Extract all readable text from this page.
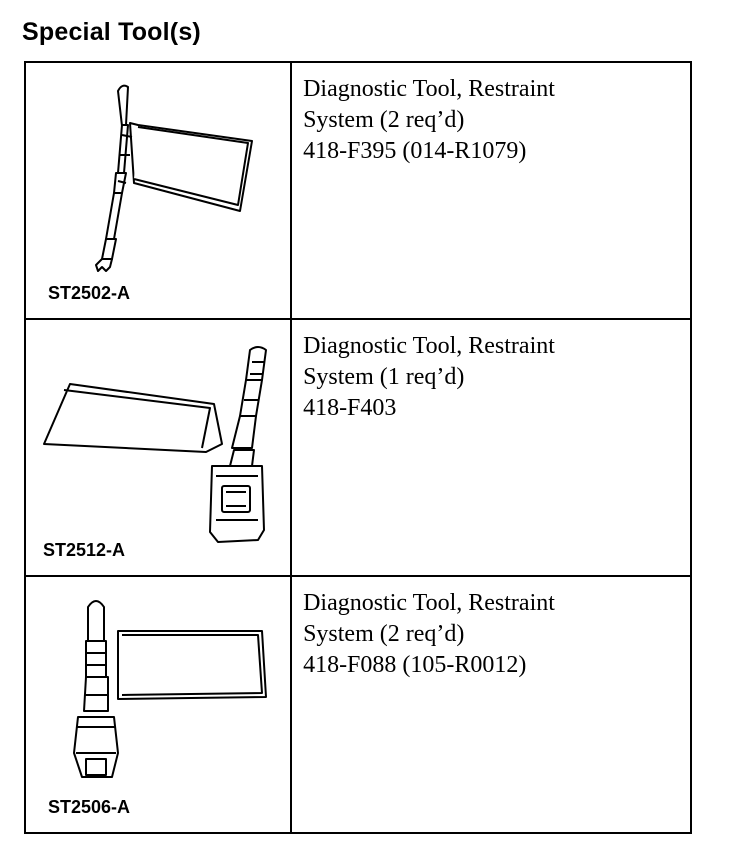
Special Tool(s)
ST2502-A	Diagnostic Tool, Restraint
System (2 req’d)
418-F395 (014-R1079)

ST2512-A	Diagnostic Tool, Restraint
System (1 req’d)
418-F403

ST2506-A	Diagnostic Tool, Restraint
System (2 req’d)
418-F088 (105-R0012)
